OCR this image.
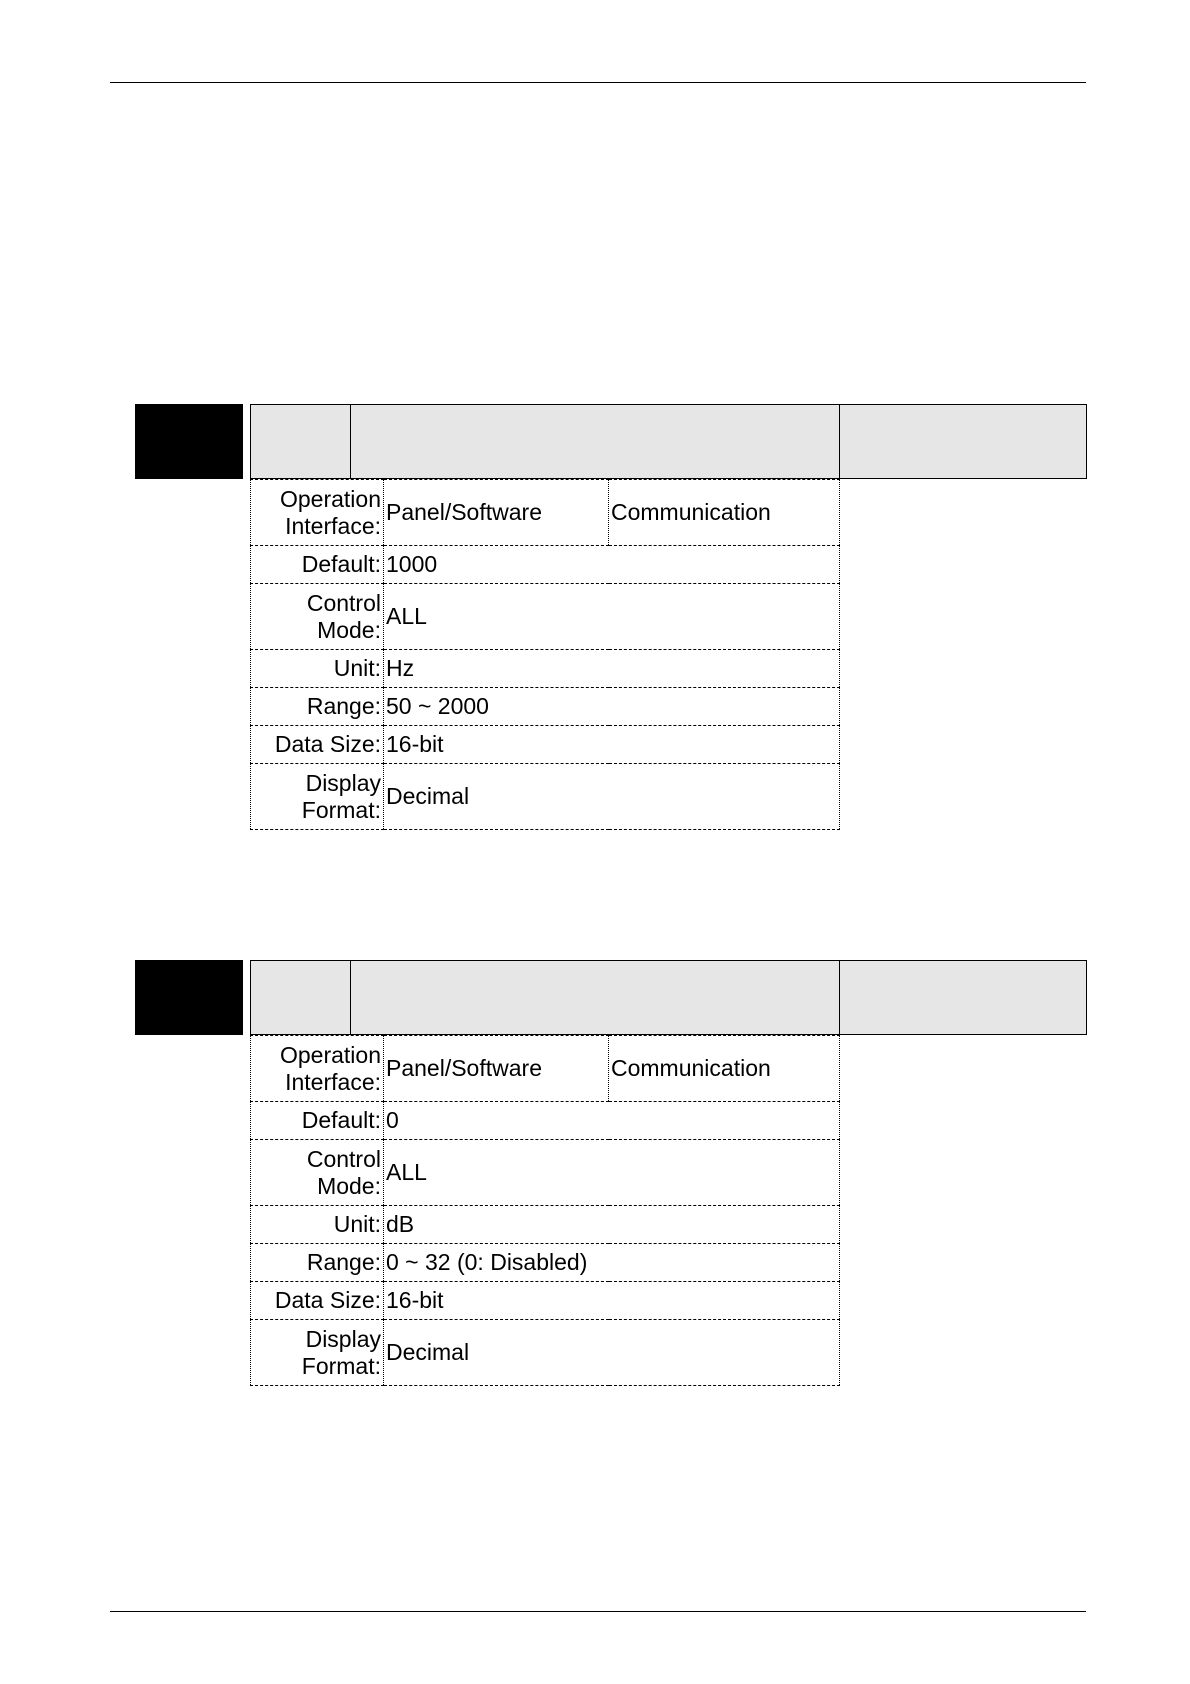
Operation Interface:	Panel/Software	Communication
Default:	1000	
Control Mode:	ALL	
Unit:	Hz	
Range:	50 ~ 2000	
Data Size:	16-bit	
Display Format:	Decimal	
Operation Interface:	Panel/Software	Communication
Default:	0	
Control Mode:	ALL	
Unit:	dB	
Range:	0 ~ 32 (0: Disabled)	
Data Size:	16-bit	
Display Format:	Decimal	
